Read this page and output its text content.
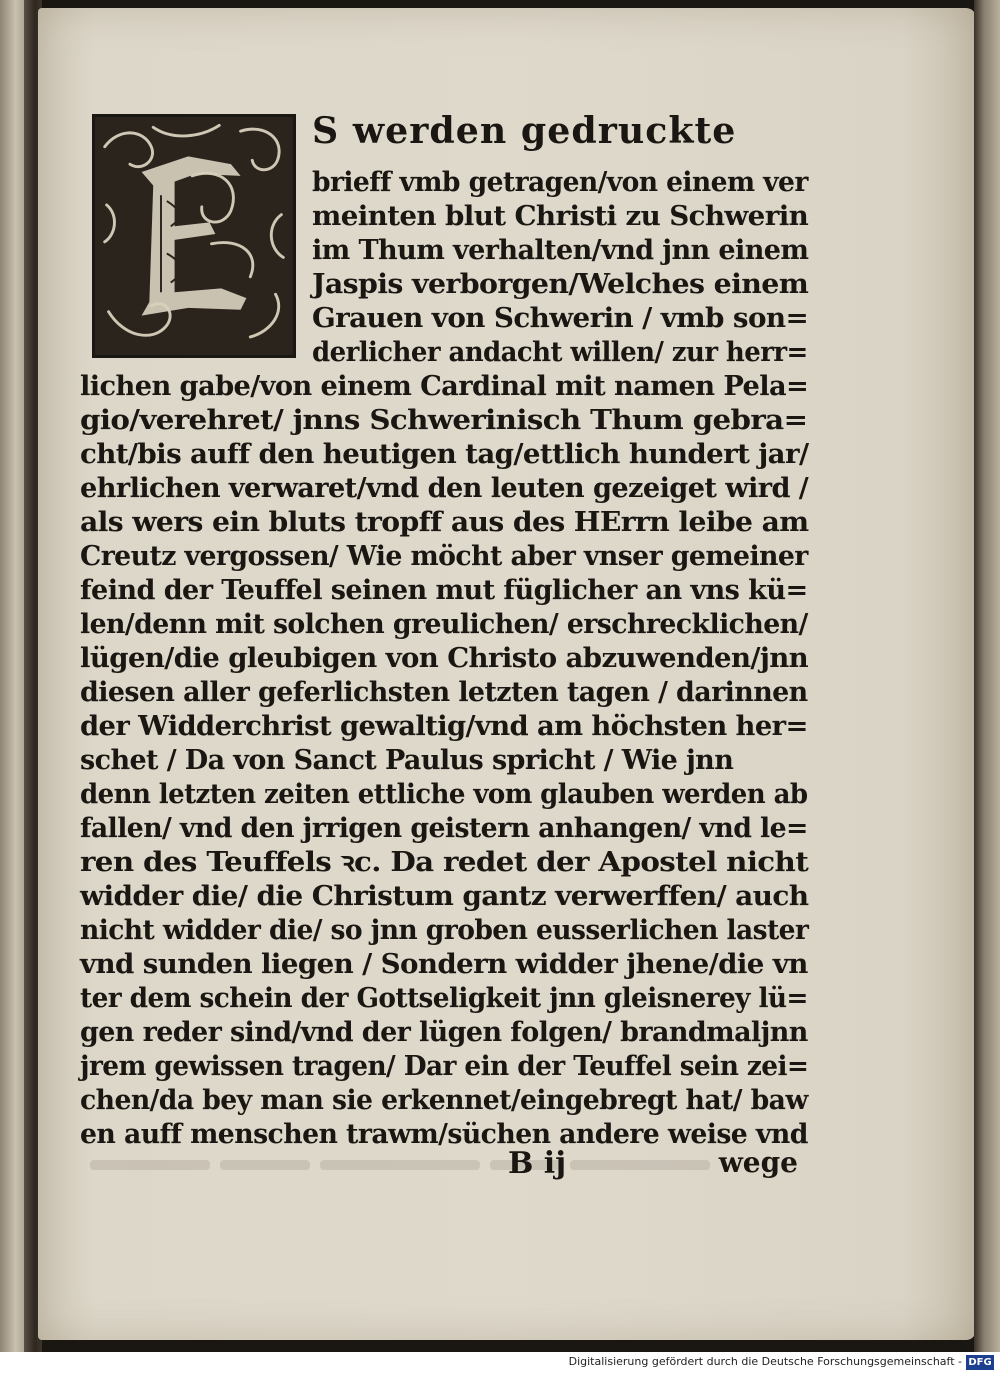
S werden gedruckte
brieff vmb getragen/von einem ver
meinten blut Christi zu Schwerin
im Thum verhalten/vnd jnn einem
Jaspis verborgen/Welches einem
Grauen von Schwerin / vmb son=
derlicher andacht willen/ zur herr=
lichen gabe/von einem Cardinal mit namen Pela=
gio/verehret/ jnns Schwerinisch Thum gebra=
cht/bis auff den heutigen tag/ettlich hundert jar/
ehrlichen verwaret/vnd den leuten gezeiget wird /
als wers ein bluts tropff aus des HErrn leibe am
Creutz vergossen/ Wie möcht aber vnser gemeiner
feind der Teuffel seinen mut füglicher an vns kü=
len/denn mit solchen greulichen/ erschrecklichen/
lügen/die gleubigen von Christo abzuwenden/jnn
diesen aller geferlichsten letzten tagen / darinnen
der Widderchrist gewaltig/vnd am höchsten her=
schet / Da von Sanct Paulus spricht / Wie jnn
denn letzten zeiten ettliche vom glauben werden ab
fallen/ vnd den jrrigen geistern anhangen/ vnd le=
ren des Teuffels ꝛc. Da redet der Apostel nicht
widder die/ die Christum gantz verwerffen/ auch
nicht widder die/ so jnn groben eusserlichen laster
vnd sunden liegen / Sondern widder jhene/die vn
ter dem schein der Gottseligkeit jnn gleisnerey lü=
gen reder sind/vnd der lügen folgen/ brandmaljnn
jrem gewissen tragen/ Dar ein der Teuffel sein zei=
chen/da bey man sie erkennet/eingebregt hat/ baw
en auff menschen trawm/süchen andere weise vnd
B ij	wege
Digitalisierung gefördert durch die Deutsche Forschungsgemeinschaft - DFG
